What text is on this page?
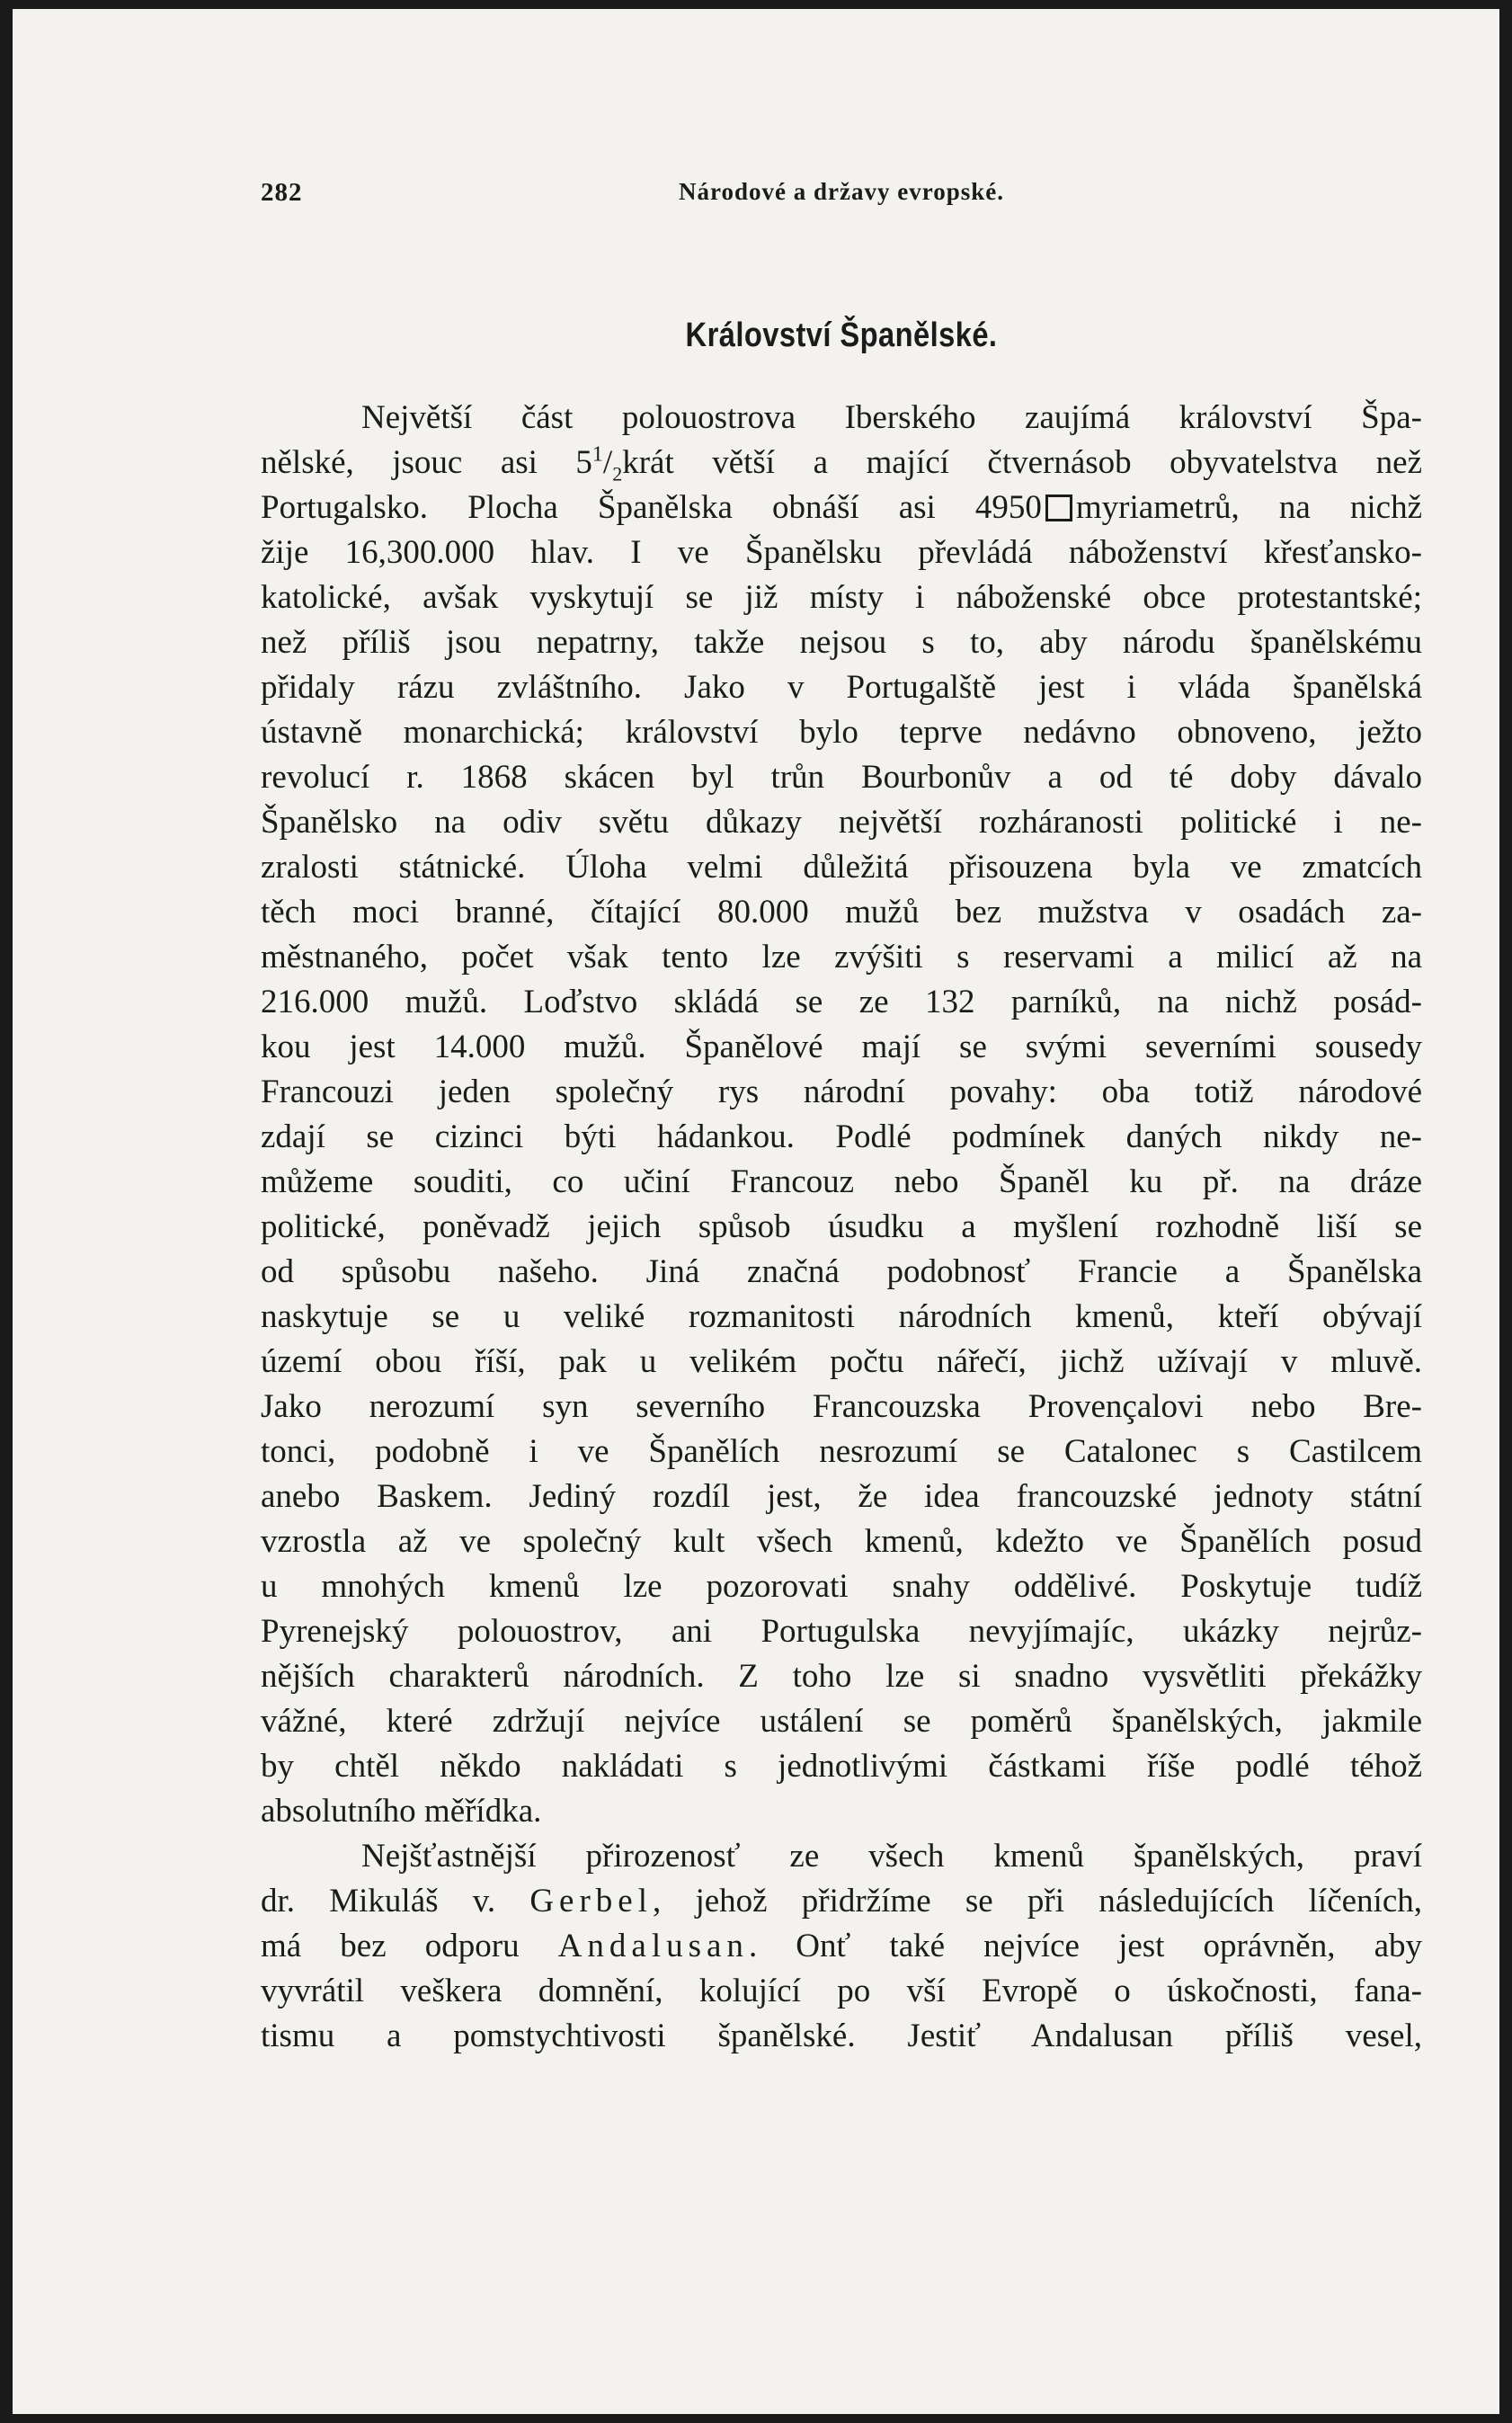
282	Národové a državy evropské.
Království Španělské.
Největší část polouostrova Iberského zaujímá království Špa-
nělské, jsouc asi $5^1/_2krát$ větší a mající čtvernásob obyvatelstva než
Portugalsko. Plocha Španělska obnáší asi 4950 myriametrů, na nichž
žije 16,300.000 hlav. I ve Španělsku převládá náboženství křesťansko-
katolické, avšak vyskytují se již místy i náboženské obce protestantské;
než příliš jsou nepatrny, takže nejsou s to, aby národu španělskému
přidaly rázu zvláštního. Jako v Portugalště jest i vláda španělská
ústavně monarchická; království bylo teprve nedávno obnoveno, ježto
revolucí r. 1868 skácen byl trůn Bourbonův a od té doby dávalo
Španělsko na odiv světu důkazy největší rozháranosti politické i ne-
zralosti státnické. Úloha velmi důležitá přisouzena byla ve zmatcích
těch moci branné, čítající 80.000 mužů bez mužstva v osadách za-
městnaného, počet však tento lze zvýšiti s reservami a milicí až na
216.000 mužů. Loďstvo skládá se ze 132 parníků, na nichž posád-
kou jest 14.000 mužů. Španělové mají se svými severními sousedy
Francouzi jeden společný rys národní povahy: oba totiž národové
zdají se cizinci býti hádankou. Podlé podmínek daných nikdy ne-
můžeme souditi, co učiní Francouz nebo Španěl ku př. na dráze
politické, poněvadž jejich spůsob úsudku a myšlení rozhodně liší se
od spůsobu našeho. Jiná značná podobnosť Francie a Španělska
naskytuje se u veliké rozmanitosti národních kmenů, kteří obývají
území obou říší, pak u velikém počtu nářečí, jichž užívají v mluvě.
Jako nerozumí syn severního Francouzska Provençalovi nebo Bre-
tonci, podobně i ve Španělích nesrozumí se Catalonec s Castilcem
anebo Baskem. Jediný rozdíl jest, že idea francouzské jednoty státní
vzrostla až ve společný kult všech kmenů, kdežto ve Španělích posud
u mnohých kmenů lze pozorovati snahy oddělivé. Poskytuje tudíž
Pyrenejský polouostrov, ani Portugulska nevyjímajíc, ukázky nejrůz-
nějších charakterů národních. Z toho lze si snadno vysvětliti překážky
vážné, které zdržují nejvíce ustálení se poměrů španělských, jakmile
by chtěl někdo nakládati s jednotlivými částkami říše podlé téhož
absolutního měřídka.
Nejšťastnější přirozenosť ze všech kmenů španělských, praví
dr. Mikuláš v. Gerbel, jehož přidržíme se při následujících líčeních,
má bez odporu Andalusan. Onť také nejvíce jest oprávněn, aby
vyvrátil veškera domnění, kolující po vší Evropě o úskočnosti, fana-
tismu a pomstychtivosti španělské. Jestiť Andalusan příliš vesel,
